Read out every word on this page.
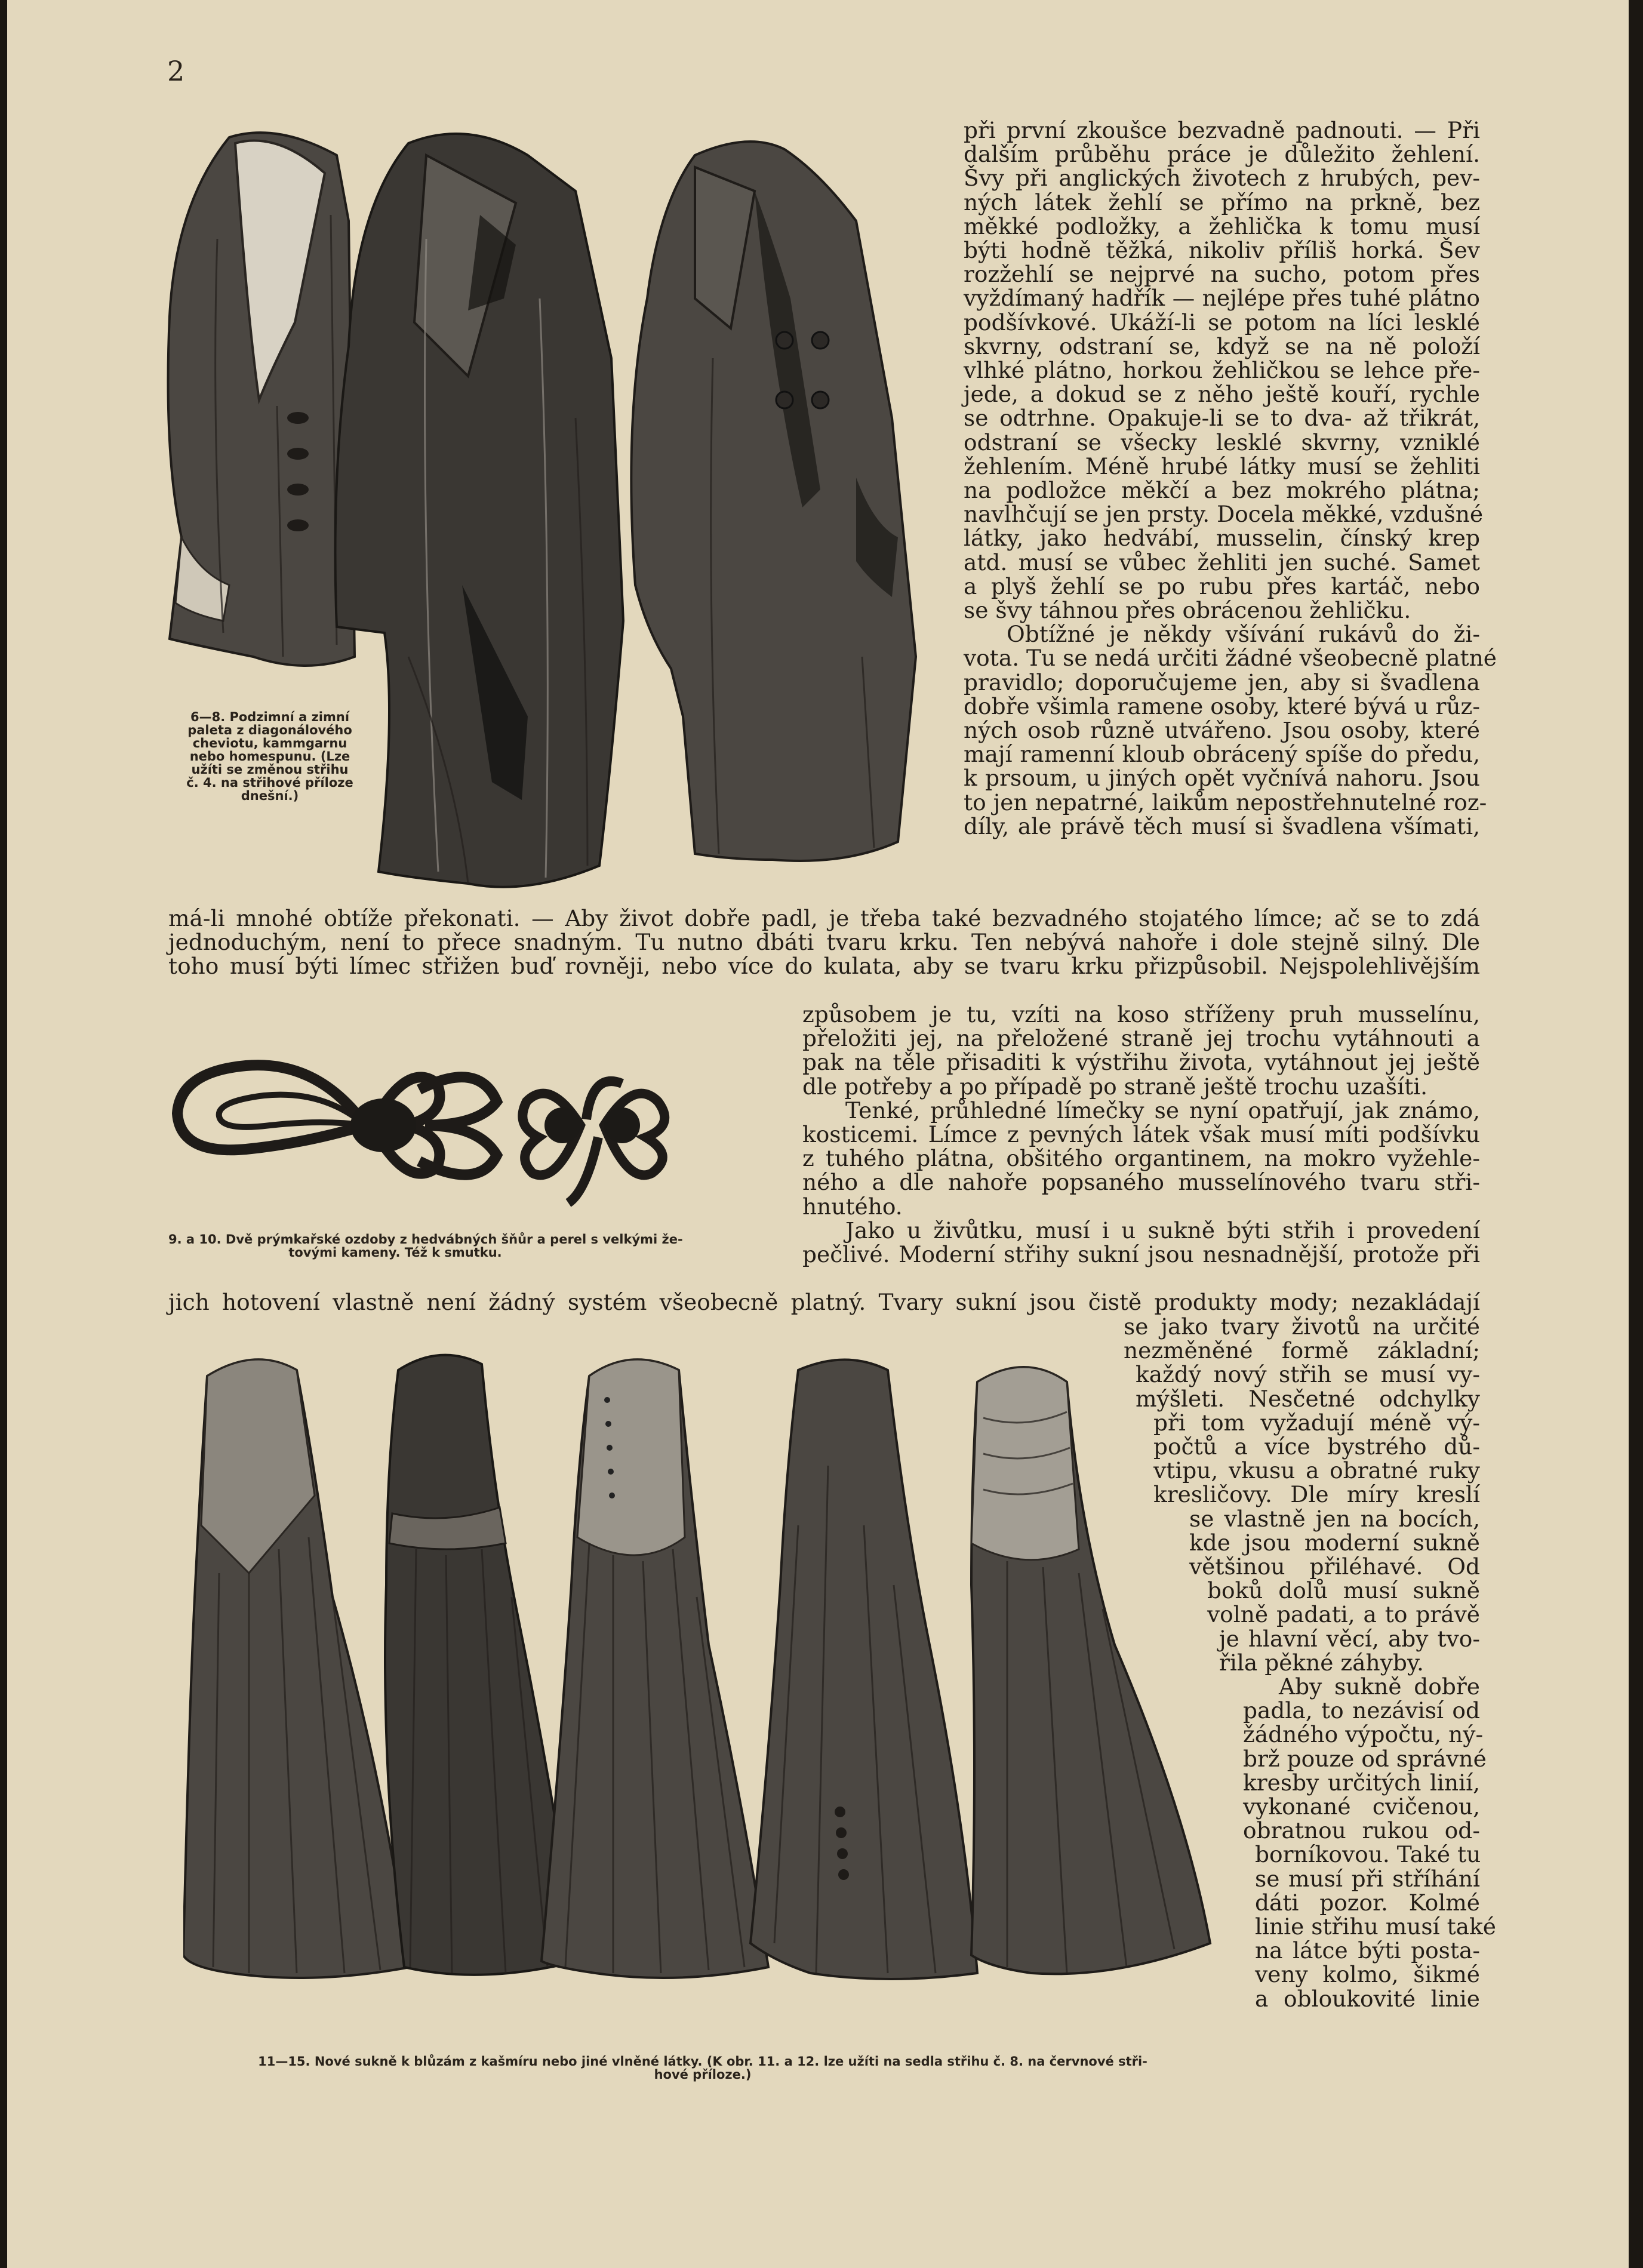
2
6—8. Podzimní a zimní
paleta z diagonálového
cheviotu, kammgarnu
nebo homespunu. (Lze
užíti se změnou střihu
č. 4. na střihové příloze
dnešní.)
při první zkoušce bezvadně padnouti. — Při
dalším průběhu práce je důležito žehlení.
Švy při anglických životech z hrubých, pev-
ných látek žehlí se přímo na prkně, bez
měkké podložky, a žehlička k tomu musí
býti hodně těžká, nikoliv příliš horká. Šev
rozžehlí se nejprvé na sucho, potom přes
vyždímaný hadřík — nejlépe přes tuhé plátno
podšívkové. Ukáží-li se potom na líci lesklé
skvrny, odstraní se, když se na ně položí
vlhké plátno, horkou žehličkou se lehce pře-
jede, a dokud se z něho ještě kouří, rychle
se odtrhne. Opakuje-li se to dva- až třikrát,
odstraní se všecky lesklé skvrny, vzniklé
žehlením. Méně hrubé látky musí se žehliti
na podložce měkčí a bez mokrého plátna;
navlhčují se jen prsty. Docela měkké, vzdušné
látky, jako hedvábí, musselin, čínský krep
atd. musí se vůbec žehliti jen suché. Samet
a plyš žehlí se po rubu přes kartáč, nebo
se švy táhnou přes obrácenou žehličku.
Obtížné je někdy všívání rukávů do ži-
vota. Tu se nedá určiti žádné všeobecně platné
pravidlo; doporučujeme jen, aby si švadlena
dobře všimla ramene osoby, které bývá u růz-
ných osob různě utvářeno. Jsou osoby, které
mají ramenní kloub obrácený spíše do předu,
k prsoum, u jiných opět vyčnívá nahoru. Jsou
to jen nepatrné, laikům nepostřehnutelné roz-
díly, ale právě těch musí si švadlena všímati,
má-li mnohé obtíže překonati. — Aby život dobře padl, je třeba také bezvadného stojatého límce; ač se to zdá
jednoduchým, není to přece snadným. Tu nutno dbáti tvaru krku. Ten nebývá nahoře i dole stejně silný. Dle
toho musí býti límec střižen buď rovněji, nebo více do kulata, aby se tvaru krku přizpůsobil. Nejspolehlivějším
9. a 10. Dvě prýmkařské ozdoby z hedvábných šňůr a perel s velkými že-
tovými kameny. Též k smutku.
způsobem je tu, vzíti na koso stříženy pruh musselínu,
přeložiti jej, na přeložené straně jej trochu vytáhnouti a
pak na těle přisaditi k výstřihu života, vytáhnout jej ještě
dle potřeby a po případě po straně ještě trochu uzašíti.
Tenké, průhledné límečky se nyní opatřují, jak známo,
kosticemi. Límce z pevných látek však musí míti podšívku
z tuhého plátna, obšitého organtinem, na mokro vyžehle-
ného a dle nahoře popsaného musselínového tvaru stři-
hnutého.
Jako u živůtku, musí i u sukně býti střih i provedení
pečlivé. Moderní střihy sukní jsou nesnadnější, protože při
jich hotovení vlastně není žádný systém všeobecně platný. Tvary sukní jsou čistě produkty mody; nezakládají
se jako tvary životů na určité
nezměněné formě základní;
každý nový střih se musí vy-
mýšleti. Nesčetné odchylky
při tom vyžadují méně vý-
počtů a více bystrého dů-
vtipu, vkusu a obratné ruky
kresličovy. Dle míry kreslí
se vlastně jen na bocích,
kde jsou moderní sukně
většinou přiléhavé. Od
boků dolů musí sukně
volně padati, a to právě
je hlavní věcí, aby tvo-
řila pěkné záhyby.
Aby sukně dobře
padla, to nezávisí od
žádného výpočtu, ný-
brž pouze od správné
kresby určitých linií,
vykonané cvičenou,
obratnou rukou od-
borníkovou. Také tu
se musí při stříhání
dáti pozor. Kolmé
linie střihu musí také
na látce býti posta-
veny kolmo, šikmé
a obloukovité linie
11—15. Nové sukně k blůzám z kašmíru nebo jiné vlněné látky. (K obr. 11. a 12. lze užíti na sedla střihu č. 8. na červnové stři-
hové příloze.)
